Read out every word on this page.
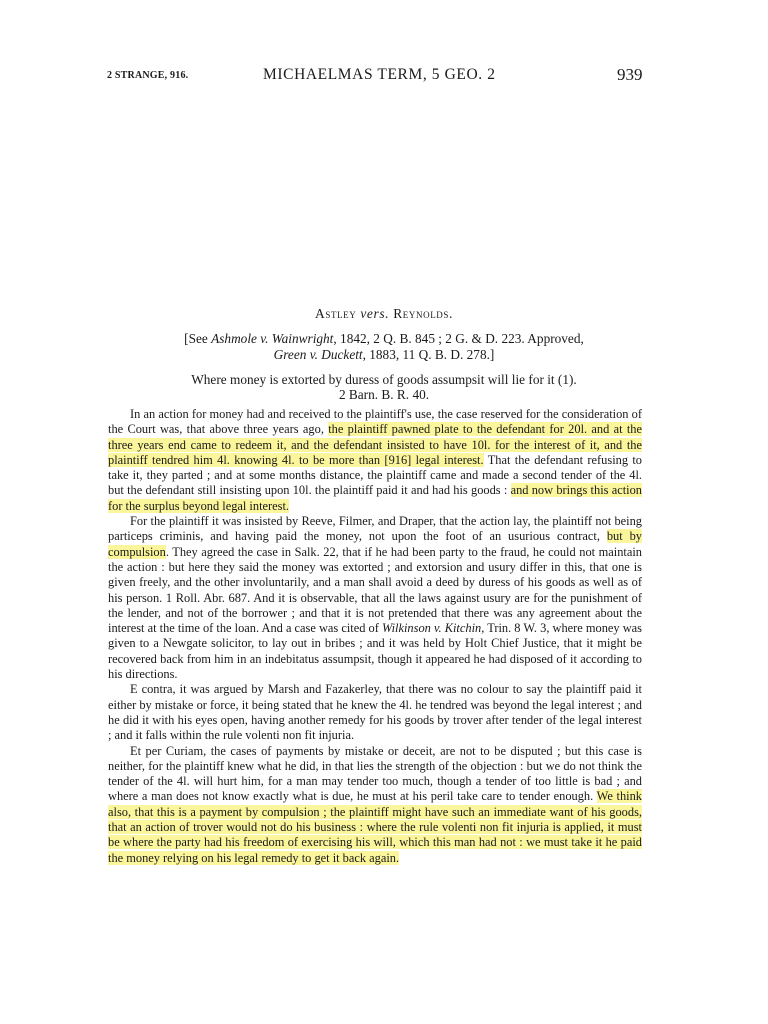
2 STRANGE, 916.	MICHAELMAS TERM, 5 GEO. 2	939
Astley vers. Reynolds.
[See Ashmole v. Wainwright, 1842, 2 Q. B. 845 ; 2 G. & D. 223. Approved,
Green v. Duckett, 1883, 11 Q. B. D. 278.]
Where money is extorted by duress of goods assumpsit will lie for it (1).
2 Barn. B. R. 40.

In an action for money had and received to the plaintiff's use, the case reserved for the consideration of the Court was, that above three years ago, the plaintiff pawned plate to the defendant for 20l. and at the three years end came to redeem it, and the defendant insisted to have 10l. for the interest of it, and the plaintiff tendred him 4l. knowing 4l. to be more than [916] legal interest. That the defendant refusing to take it, they parted ; and at some months distance, the plaintiff came and made a second tender of the 4l. but the defendant still insisting upon 10l. the plaintiff paid it and had his goods : and now brings this action for the surplus beyond legal interest.

For the plaintiff it was insisted by Reeve, Filmer, and Draper, that the action lay, the plaintiff not being particeps criminis, and having paid the money, not upon the foot of an usurious contract, but by compulsion. They agreed the case in Salk. 22, that if he had been party to the fraud, he could not maintain the action : but here they said the money was extorted ; and extorsion and usury differ in this, that one is given freely, and the other involuntarily, and a man shall avoid a deed by duress of his goods as well as of his person. 1 Roll. Abr. 687. And it is observable, that all the laws against usury are for the punishment of the lender, and not of the borrower ; and that it is not pretended that there was any agreement about the interest at the time of the loan. And a case was cited of Wilkinson v. Kitchin, Trin. 8 W. 3, where money was given to a Newgate solicitor, to lay out in bribes ; and it was held by Holt Chief Justice, that it might be recovered back from him in an indebitatus assumpsit, though it appeared he had disposed of it according to his directions.

E contra, it was argued by Marsh and Fazakerley, that there was no colour to say the plaintiff paid it either by mistake or force, it being stated that he knew the 4l. he tendred was beyond the legal interest ; and he did it with his eyes open, having another remedy for his goods by trover after tender of the legal interest ; and it falls within the rule volenti non fit injuria.

Et per Curiam, the cases of payments by mistake or deceit, are not to be disputed ; but this case is neither, for the plaintiff knew what he did, in that lies the strength of the objection : but we do not think the tender of the 4l. will hurt him, for a man may tender too much, though a tender of too little is bad ; and where a man does not know exactly what is due, he must at his peril take care to tender enough. We think also, that this is a payment by compulsion ; the plaintiff might have such an immediate want of his goods, that an action of trover would not do his business : where the rule volenti non fit injuria is applied, it must be where the party had his freedom of exercising his will, which this man had not : we must take it he paid the money relying on his legal remedy to get it back again.
